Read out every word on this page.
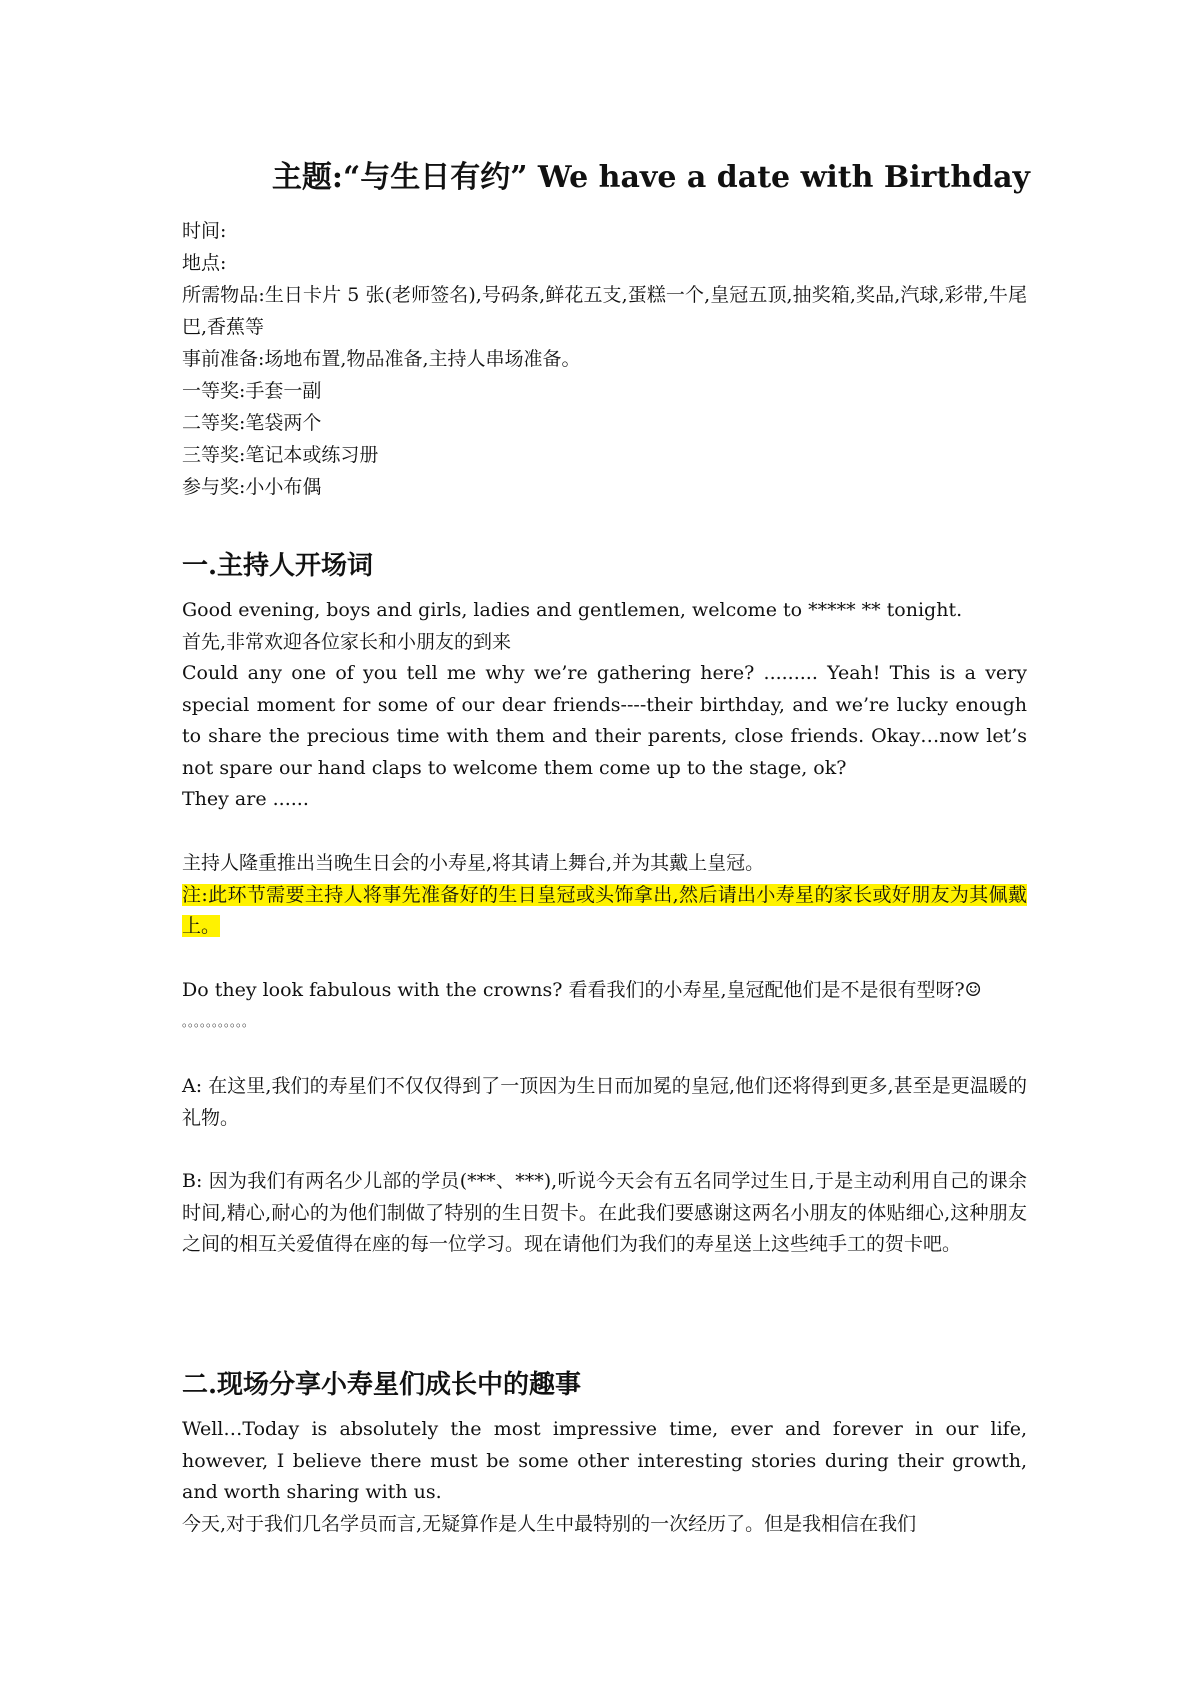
主题:“与生日有约” We have a date with Birthday

时间:

地点:

所需物品:生日卡片 5 张(老师签名),号码条,鲜花五支,蛋糕一个,皇冠五顶,抽奖箱,奖品,汽球,彩带,牛尾巴,香蕉等

事前准备:场地布置,物品准备,主持人串场准备。

一等奖:手套一副

二等奖:笔袋两个

三等奖:笔记本或练习册

参与奖:小小布偶

一.主持人开场词

Good evening, boys and girls, ladies and gentlemen, welcome to ***** ** tonight.

首先,非常欢迎各位家长和小朋友的到来

Could any one of you tell me why we’re gathering here? ......... Yeah! This is a very special moment for some of our dear friends----their birthday, and we’re lucky enough to share the precious time with them and their parents, close friends. Okay…now let’s not spare our hand claps to welcome them come up to the stage, ok?

They are ......

主持人隆重推出当晚生日会的小寿星,将其请上舞台,并为其戴上皇冠。

注:此环节需要主持人将事先准备好的生日皇冠或头饰拿出,然后请出小寿星的家长或好朋友为其佩戴上。

Do they look fabulous with the crowns? 看看我们的小寿星,皇冠配他们是不是很有型呀?☺

。。。。。。。。。。。

A: 在这里,我们的寿星们不仅仅得到了一顶因为生日而加冕的皇冠,他们还将得到更多,甚至是更温暖的礼物。

B: 因为我们有两名少儿部的学员(***、***),听说今天会有五名同学过生日,于是主动利用自己的课余时间,精心,耐心的为他们制做了特别的生日贺卡。在此我们要感谢这两名小朋友的体贴细心,这种朋友之间的相互关爱值得在座的每一位学习。现在请他们为我们的寿星送上这些纯手工的贺卡吧。

二.现场分享小寿星们成长中的趣事

Well…Today is absolutely the most impressive time, ever and forever in our life, however, I believe there must be some other interesting stories during their growth, and worth sharing with us.

今天,对于我们几名学员而言,无疑算作是人生中最特别的一次经历了。但是我相信在我们
